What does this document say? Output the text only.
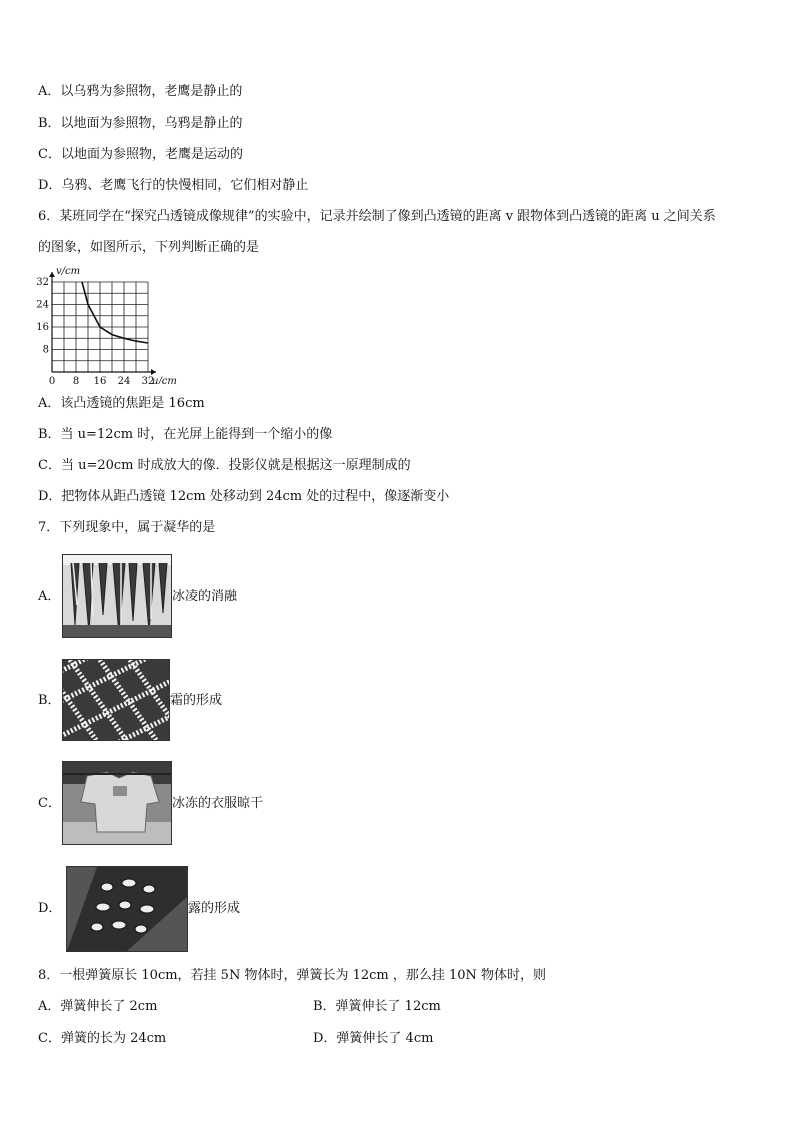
A．以乌鸦为参照物，老鹰是静止的
B．以地面为参照物，乌鸦是静止的
C．以地面为参照物，老鹰是运动的
D．乌鸦、老鹰飞行的快慢相同，它们相对静止
6．某班同学在“探究凸透镜成像规律”的实验中，记录并绘制了像到凸透镜的距离 v 跟物体到凸透镜的距离 u 之间关系
的图象，如图所示，下列判断正确的是
0 8 16 24 32
8
16
24
32
v/cm
u/cm
A．该凸透镜的焦距是 16cm
B．当 u=12cm 时，在光屏上能得到一个缩小的像
C．当 u=20cm 时成放大的像．投影仪就是根据这一原理制成的
D．把物体从距凸透镜 12cm 处移动到 24cm 处的过程中，像逐渐变小
7．下列现象中，属于凝华的是
A．	冰凌的消融
B．	霜的形成
C．	冰冻的衣服晾干
D．	露的形成
8．一根弹簧原长 10cm，若挂 5N 物体时，弹簧长为 12cm ，那么挂 10N 物体时，则
A．弹簧伸长了 2cm	B．弹簧伸长了 12cm
C．弹簧的长为 24cm	D．弹簧伸长了 4cm
